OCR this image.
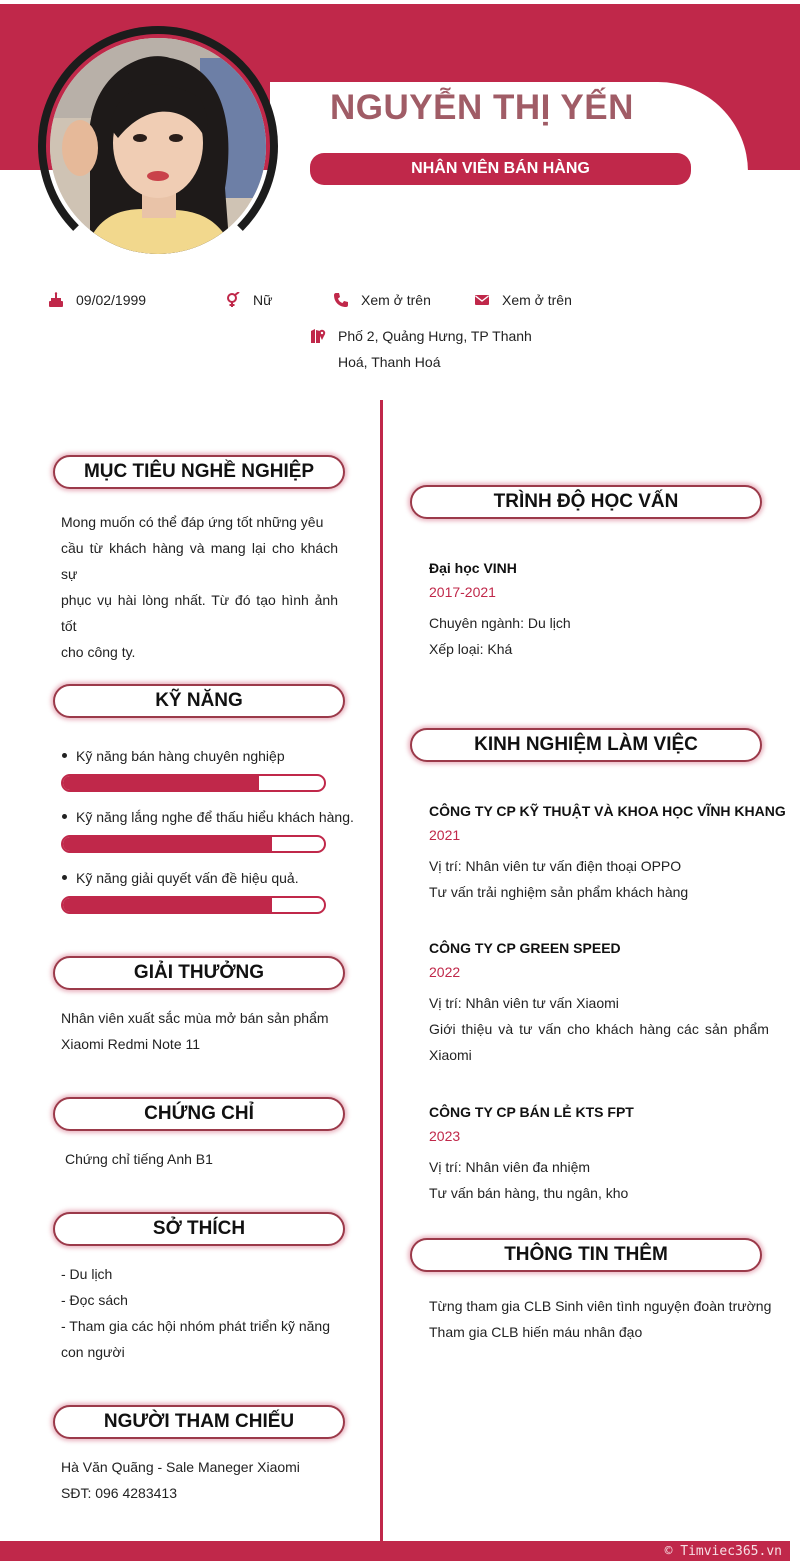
NGUYỄN THỊ YẾN
NHÂN VIÊN BÁN HÀNG
09/02/1999	Nữ	Xem ở trên	Xem ở trên
Phố 2, Quảng Hưng, TP Thanh
Hoá, Thanh Hoá
MỤC TIÊU NGHỀ NGHIỆP
Mong muốn có thể đáp ứng tốt những yêu
cầu từ khách hàng và mang lại cho khách sự
phục vụ hài lòng nhất. Từ đó tạo hình ảnh tốt
cho công ty.
KỸ NĂNG
Kỹ năng bán hàng chuyên nghiệp
Kỹ năng lắng nghe để thấu hiểu khách hàng.
Kỹ năng giải quyết vấn đề hiệu quả.
GIẢI THƯỞNG
Nhân viên xuất sắc mùa mở bán sản phẩm
Xiaomi Redmi Note 11
CHỨNG CHỈ
Chứng chỉ tiếng Anh B1
SỞ THÍCH
- Du lịch
- Đọc sách
- Tham gia các hội nhóm phát triển kỹ năng
con người
NGƯỜI THAM CHIẾU
Hà Văn Quãng - Sale Maneger Xiaomi
SĐT: 096 4283413
TRÌNH ĐỘ HỌC VẤN
Đại học VINH
2017-2021
Chuyên ngành: Du lịch
Xếp loại: Khá
KINH NGHIỆM LÀM VIỆC
CÔNG TY CP KỸ THUẬT VÀ KHOA HỌC VĨNH KHANG
2021
Vị trí: Nhân viên tư vấn điện thoại OPPO
Tư vấn trải nghiệm sản phẩm khách hàng
CÔNG TY CP GREEN SPEED
2022
Vị trí: Nhân viên tư vấn Xiaomi
Giới thiệu và tư vấn cho khách hàng các sản phẩm
Xiaomi
CÔNG TY CP BÁN LẺ KTS FPT
2023
Vị trí: Nhân viên đa nhiệm
Tư vấn bán hàng, thu ngân, kho
THÔNG TIN THÊM
Từng tham gia CLB Sinh viên tình nguyện đoàn trường
Tham gia CLB hiến máu nhân đạo
© Timviec365.vn
